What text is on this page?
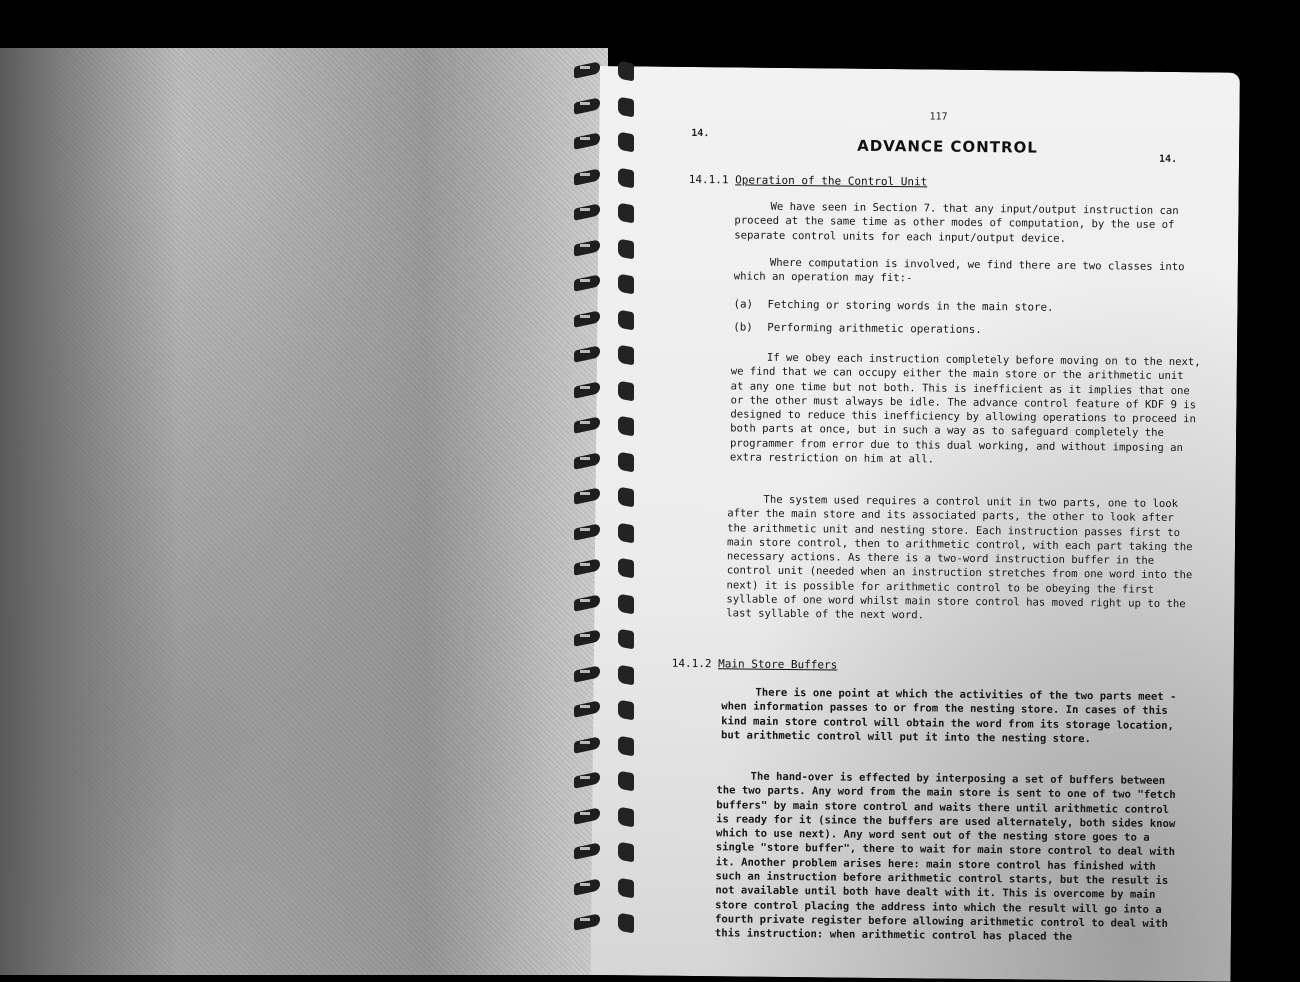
117
14.
ADVANCE CONTROL
14.
14.1.1 Operation of the Control Unit
We have seen in Section 7. that any input/output instruction can proceed at the same time as other modes of computation, by the use of separate control units for each input/output device.
Where computation is involved, we find there are two classes into which an operation may fit:-
(a) Fetching or storing words in the main store.
(b) Performing arithmetic operations.
If we obey each instruction completely before moving on to the next, we find that we can occupy either the main store or the arithmetic unit at any one time but not both. This is inefficient as it implies that one or the other must always be idle. The advance control feature of KDF 9 is designed to reduce this inefficiency by allowing operations to proceed in both parts at once, but in such a way as to safeguard completely the programmer from error due to this dual working, and without imposing an extra restriction on him at all.
The system used requires a control unit in two parts, one to look after the main store and its associated parts, the other to look after the arithmetic unit and nesting store. Each instruction passes first to main store control, then to arithmetic control, with each part taking the necessary actions. As there is a two-word instruction buffer in the control unit (needed when an instruction stretches from one word into the next) it is possible for arithmetic control to be obeying the first syllable of one word whilst main store control has moved right up to the last syllable of the next word.
14.1.2 Main Store Buffers
There is one point at which the activities of the two parts meet - when information passes to or from the nesting store. In cases of this kind main store control will obtain the word from its storage location, but arithmetic control will put it into the nesting store.
The hand-over is effected by interposing a set of buffers between the two parts. Any word from the main store is sent to one of two "fetch buffers" by main store control and waits there until arithmetic control is ready for it (since the buffers are used alternately, both sides know which to use next). Any word sent out of the nesting store goes to a single "store buffer", there to wait for main store control to deal with it. Another problem arises here: main store control has finished with such an instruction before arithmetic control starts, but the result is not available until both have dealt with it. This is overcome by main store control placing the address into which the result will go into a fourth private register before allowing arithmetic control to deal with this instruction: when arithmetic control has placed the
